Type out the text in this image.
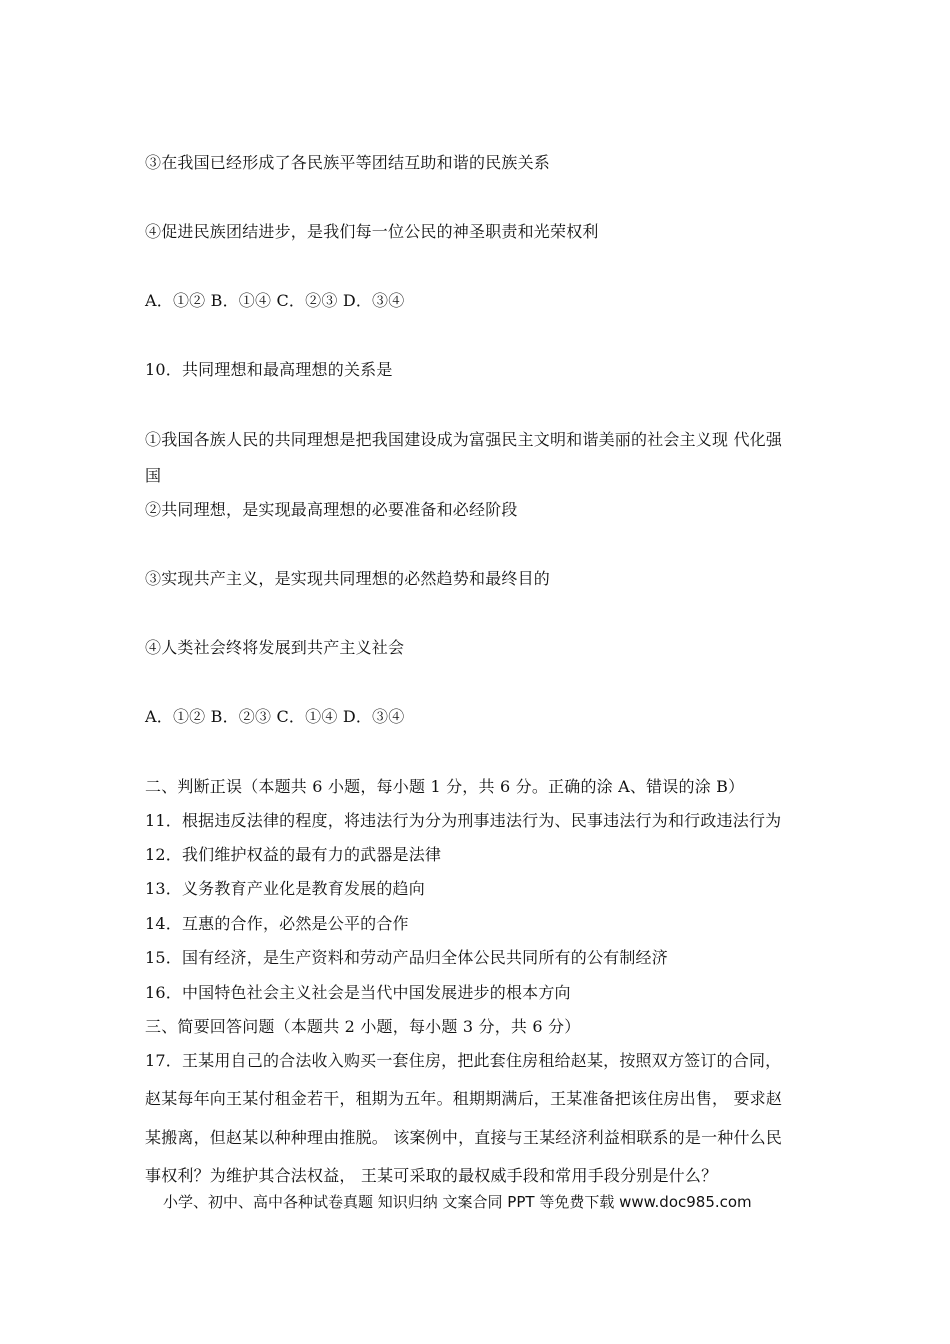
③在我国已经形成了各民族平等团结互助和谐的民族关系
④促进民族团结进步，是我们每一位公民的神圣职责和光荣权利
A．①② B．①④ C．②③ D．③④
10．共同理想和最高理想的关系是
①我国各族人民的共同理想是把我国建设成为富强民主文明和谐美丽的社会主义现 代化强
国
②共同理想，是实现最高理想的必要准备和必经阶段
③实现共产主义，是实现共同理想的必然趋势和最终目的
④人类社会终将发展到共产主义社会
A．①② B．②③ C．①④ D．③④
二、判断正误（本题共 6 小题，每小题 1 分，共 6 分。正确的涂 A、错误的涂 B）
11．根据违反法律的程度，将违法行为分为刑事违法行为、民事违法行为和行政违法行为
12．我们维护权益的最有力的武器是法律
13．义务教育产业化是教育发展的趋向
14．互惠的合作，必然是公平的合作
15．国有经济，是生产资料和劳动产品归全体公民共同所有的公有制经济
16．中国特色社会主义社会是当代中国发展进步的根本方向
三、简要回答问题（本题共 2 小题，每小题 3 分，共 6 分）
17．王某用自己的合法收入购买一套住房，把此套住房租给赵某，按照双方签订的合同，
赵某每年向王某付租金若干，租期为五年。租期期满后，王某准备把该住房出售， 要求赵
某搬离，但赵某以种种理由推脱。 该案例中，直接与王某经济利益相联系的是一种什么民
事权利？为维护其合法权益， 王某可采取的最权威手段和常用手段分别是什么？
小学、初中、高中各种试卷真题 知识归纳 文案合同 PPT 等免费下载 www.doc985.com
